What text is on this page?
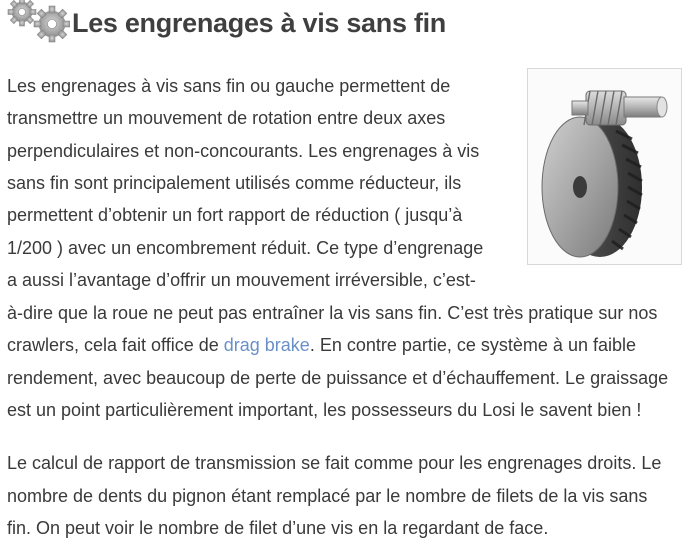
Les engrenages à vis sans fin
Les engrenages à vis sans fin ou gauche permettent de
transmettre un mouvement de rotation entre deux axes
perpendiculaires et non-concourants. Les engrenages à vis
sans fin sont principalement utilisés comme réducteur, ils
permettent d’obtenir un fort rapport de réduction ( jusqu’à
1/200 ) avec un encombrement réduit. Ce type d’engrenage
a aussi l’avantage d’offrir un mouvement irréversible, c’est-
à-dire que la roue ne peut pas entraîner la vis sans fin. C’est très pratique sur nos
crawlers, cela fait office de drag brake. En contre partie, ce système à un faible
rendement, avec beaucoup de perte de puissance et d’échauffement. Le graissage
est un point particulièrement important, les possesseurs du Losi le savent bien !
Le calcul de rapport de transmission se fait comme pour les engrenages droits. Le
nombre de dents du pignon étant remplacé par le nombre de filets de la vis sans
fin. On peut voir le nombre de filet d’une vis en la regardant de face.
